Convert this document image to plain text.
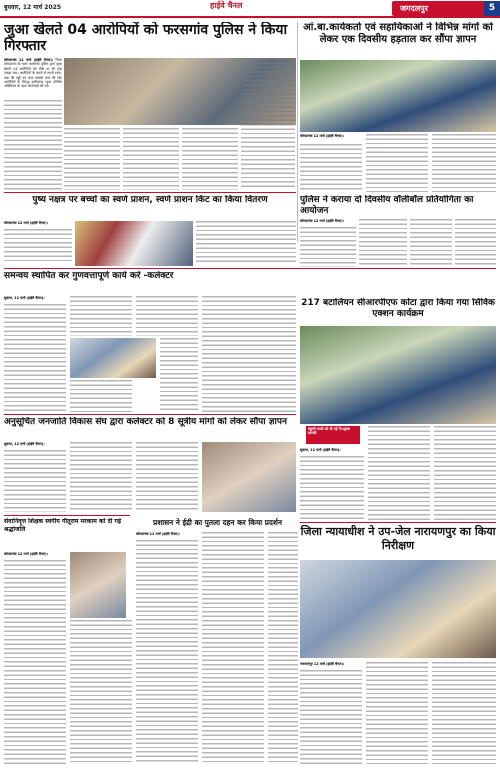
बुधवार, 12 मार्च 2025	हाईवे चैनल	जगदलपुर	5
जुआ खेलते 04 आरोपियों को फरसगांव पुलिस ने किया गिरफ्तार
कोण्डागांव 12 मार्च (हाईवे चैनल)। जिला कोण्डागांव के थाना फरसगांव पुलिस द्वारा जुआ खेलते 04 आरोपियों को मौके पर रंगे हाथ पकड़ा गया। आरोपियों के कब्जे से नगदी रकम, ताश की गड्डी एवं अन्य सामग्री जप्त की गई। आरोपियों के विरुद्ध छत्तीसगढ़ जुआ प्रतिषेध अधिनियम के तहत कार्यवाही की गई।
आं.बा.कार्यकर्ता एवं सहायिकाओं ने विभिन्न मांगों को लेकर एक दिवसीय हड़ताल कर सौंपा ज्ञापन
कोण्डागांव 12 मार्च (हाईवे चैनल)।
पुष्य नक्षत्र पर बच्चों का स्वर्ण प्राशन, स्वर्ण प्राशन किट का किया वितरण
कोण्डागांव 12 मार्च (हाईवे चैनल)।
पुलिस ने कराया दो दिवसीय वॉलीबॉल प्रतियोगिता का आयोजन
कोण्डागांव 12 मार्च (हाईवे चैनल)।
समन्वय स्थापित कर गुणवत्तापूर्ण कार्य करें -कलेक्टर
सुकमा, 12 मार्च (हाईवे चैनल)।	217 बटालियन सीआरपीएफ कोंटा द्वारा किया गया सिविक एक्शन कार्यक्रम
स्कूली बच्चों को दी गई नि:शुल्क सामग्री
सुकमा, 12 मार्च (हाईवे चैनल)।
अनुसूचित जनजाति विकास संघ द्वारा कलेक्टर को 8 सूत्रीय मांगों को लेकर सौंपा ज्ञापन
सुकमा, 12 मार्च (हाईवे चैनल)।
सेवानिवृत्त शिक्षक स्वर्गीय गीतूराम मरकाम को दी गई श्रद्धांजलि
कोण्डागांव 12 मार्च (हाईवे चैनल)।
प्रशासन ने ईद्री का पुतला दहन कर किया प्रदर्शन
कोण्डागांव 12 मार्च (हाईवे चैनल)।	जिला न्यायाधीश ने उप-जेल नारायणपुर का किया निरीक्षण
नारायणपुर 12 मार्च (हाईवे चैनल)।
